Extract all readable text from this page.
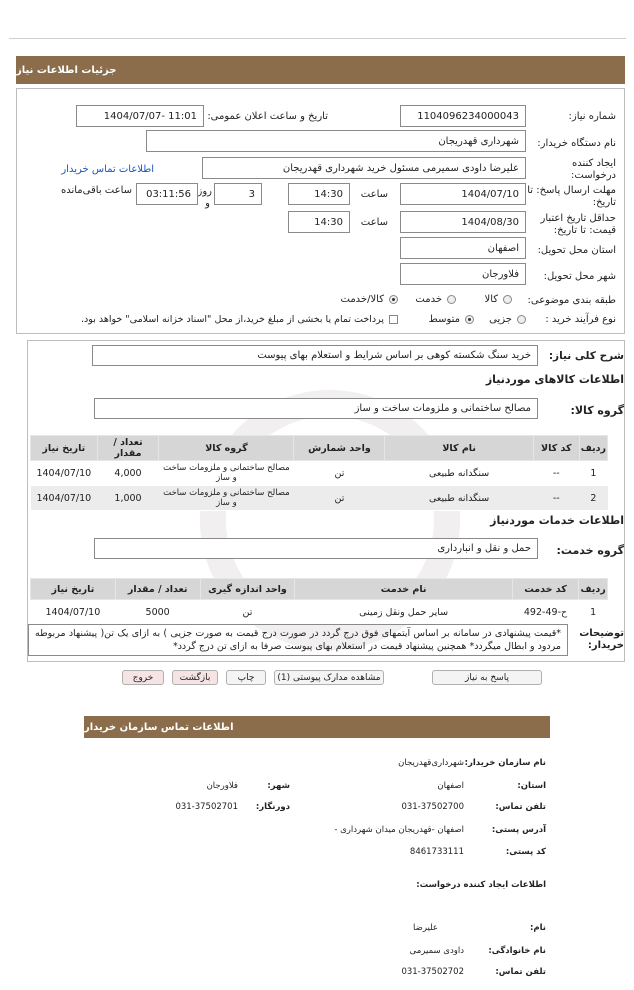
جزئیات اطلاعات نیاز
شماره نیاز:
1104096234000043
تاریخ و ساعت اعلان عمومی:
1404/07/07- 11:01
نام دستگاه خریدار:
شهرداری قهدریجان
ایجاد کننده
درخواست:
علیرضا داودی سمیرمی مسئول خرید شهرداری قهدریجان
اطلاعات تماس خریدار
مهلت ارسال پاسخ: تا
تاریخ:
1404/07/10
ساعت
14:30
3
روز
و
03:11:56
ساعت باقی‌مانده
حداقل تاریخ اعتبار
قیمت: تا تاریخ:
1404/08/30
ساعت
14:30
استان محل تحویل:
اصفهان
شهر محل تحویل:
فلاورجان
طبقه بندی موضوعی:
کالا
خدمت
کالا/خدمت
نوع فرآیند خرید :
جزیی
متوسط
پرداخت تمام یا بخشی از مبلغ خرید،از محل "اسناد خزانه اسلامی" خواهد بود.
شرح کلی نیاز:
خرید سنگ شکسته کوهی بر اساس شرایط و استعلام بهای پیوست
اطلاعات کالاهای موردنیاز
گروه کالا:
مصالح ساختمانی و ملزومات ساخت و ساز
ردیف	کد کالا	نام کالا	واحد شمارش	گروه کالا	تعداد / مقدار	تاریخ نیاز
1	--	سنگدانه طبیعی	تن	مصالح ساختمانی و ملزومات ساخت و ساز	4,000	1404/07/10
2	--	سنگدانه طبیعی	تن	مصالح ساختمانی و ملزومات ساخت و ساز	1,000	1404/07/10
اطلاعات خدمات موردنیاز
گروه خدمت:
حمل و نقل و انبارداری
ردیف	کد خدمت	نام خدمت	واحد اندازه گیری	تعداد / مقدار	تاریخ نیاز
1	ح-49-492	سایر حمل ونقل زمینی	تن	5000	1404/07/10
توضیحات
خریدار:
*قیمت پیشنهادی در سامانه بر اساس آیتمهای فوق درج گردد در صورت درج قیمت به صورت جزیی ) به ازای یک تن( پیشنهاد مربوطه مردود و ابطال میگردد* همچنین پیشنهاد قیمت در استعلام بهای پیوست صرفا به ازای تن درج گردد*
پاسخ به نیاز
مشاهده مدارک پیوستی (1)
چاپ
بازگشت
خروج
اطلاعات تماس سازمان خریدار
نام سازمان خریدار:
شهرداری‌قهدریجان
استان:
اصفهان
شهر:
فلاورجان
تلفن تماس:
031-37502700
دورنگار:
031-37502701
آدرس پستی:
اصفهان -قهدریجان میدان شهرداری -
کد پستی:
8461733111
اطلاعات ایجاد کننده درخواست:
نام:
علیرضا
نام خانوادگی:
داودی سمیرمی
تلفن تماس:
031-37502702
